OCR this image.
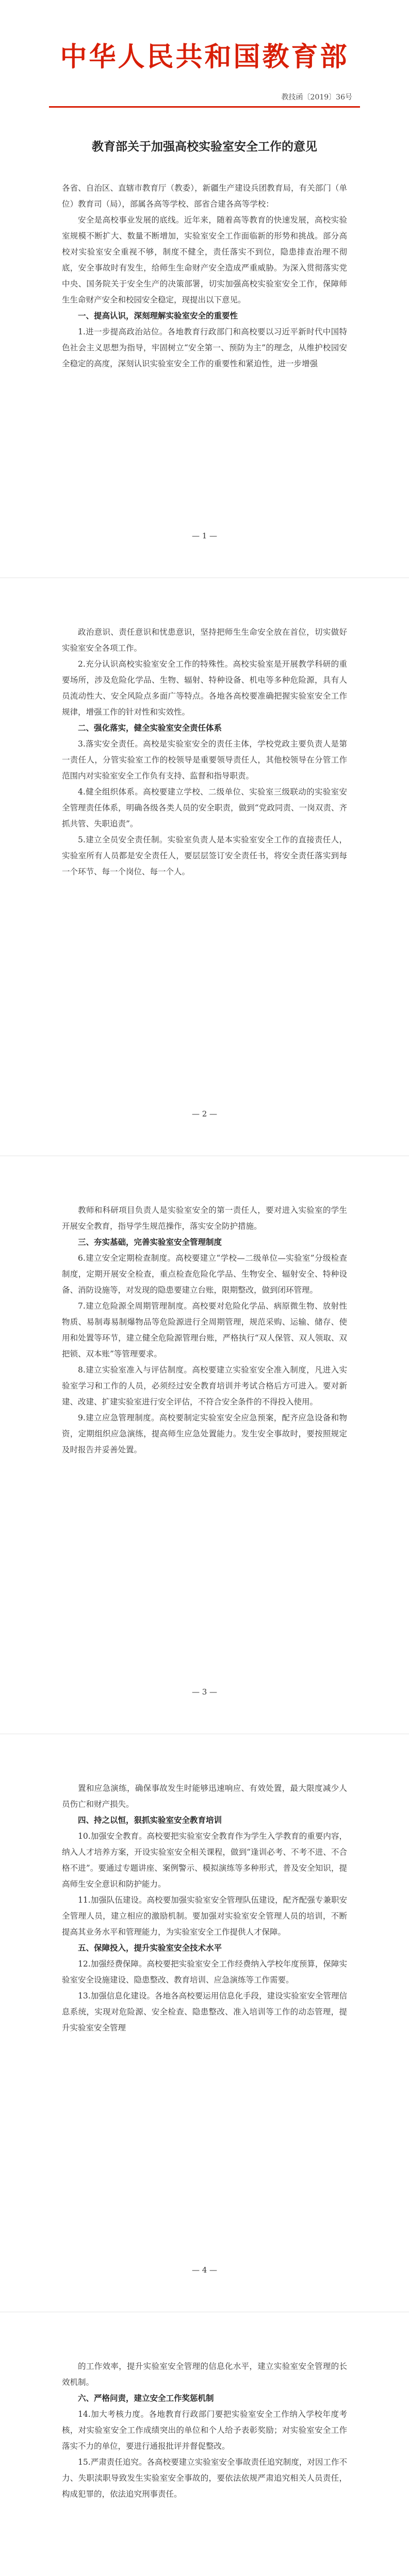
中华人民共和国教育部
教技函〔2019〕36号
教育部关于加强高校实验室安全工作的意见

各省、自治区、直辖市教育厅（教委），新疆生产建设兵团教育局，有关部门（单位）教育司（局），部属各高等学校、部省合建各高等学校：

安全是高校事业发展的底线。近年来，随着高等教育的快速发展，高校实验室规模不断扩大、数量不断增加，实验室安全工作面临新的形势和挑战。部分高校对实验室安全重视不够，制度不健全，责任落实不到位，隐患排查治理不彻底，安全事故时有发生，给师生生命财产安全造成严重威胁。为深入贯彻落实党中央、国务院关于安全生产的决策部署，切实加强高校实验室安全工作，保障师生生命财产安全和校园安全稳定，现提出以下意见。

一、提高认识，深刻理解实验室安全的重要性

1.进一步提高政治站位。各地教育行政部门和高校要以习近平新时代中国特色社会主义思想为指导，牢固树立“安全第一、预防为主”的理念，从维护校园安全稳定的高度，深刻认识实验室安全工作的重要性和紧迫性，进一步增强

— 1 —

政治意识、责任意识和忧患意识，坚持把师生生命安全放在首位，切实做好实验室安全各项工作。

2.充分认识高校实验室安全工作的特殊性。高校实验室是开展教学科研的重要场所，涉及危险化学品、生物、辐射、特种设备、机电等多种危险源，具有人员流动性大、安全风险点多面广等特点。各地各高校要准确把握实验室安全工作规律，增强工作的针对性和实效性。

二、强化落实，健全实验室安全责任体系

3.落实安全责任。高校是实验室安全的责任主体，学校党政主要负责人是第一责任人，分管实验室工作的校领导是重要领导责任人，其他校领导在分管工作范围内对实验室安全工作负有支持、监督和指导职责。

4.健全组织体系。高校要建立学校、二级单位、实验室三级联动的实验室安全管理责任体系，明确各级各类人员的安全职责，做到“党政同责、一岗双责、齐抓共管、失职追责”。

5.建立全员安全责任制。实验室负责人是本实验室安全工作的直接责任人，实验室所有人员都是安全责任人，要层层签订安全责任书，将安全责任落实到每一个环节、每一个岗位、每一个人。

— 2 —

教师和科研项目负责人是实验室安全的第一责任人，要对进入实验室的学生开展安全教育，指导学生规范操作，落实安全防护措施。

三、夯实基础，完善实验室安全管理制度

6.建立安全定期检查制度。高校要建立“学校—二级单位—实验室”分级检查制度，定期开展安全检查，重点检查危险化学品、生物安全、辐射安全、特种设备、消防设施等，对发现的隐患要建立台账，限期整改，做到闭环管理。

7.建立危险源全周期管理制度。高校要对危险化学品、病原微生物、放射性物质、易制毒易制爆物品等危险源进行全周期管理，规范采购、运输、储存、使用和处置等环节，建立健全危险源管理台账，严格执行“双人保管、双人领取、双把锁、双本账”等管理要求。

8.建立实验室准入与评估制度。高校要建立实验室安全准入制度，凡进入实验室学习和工作的人员，必须经过安全教育培训并考试合格后方可进入。要对新建、改建、扩建实验室进行安全评估，不符合安全条件的不得投入使用。

9.建立应急管理制度。高校要制定实验室安全应急预案，配齐应急设备和物资，定期组织应急演练，提高师生应急处置能力。发生安全事故时，要按照规定及时报告并妥善处置。

— 3 —

置和应急演练，确保事故发生时能够迅速响应、有效处置，最大限度减少人员伤亡和财产损失。

四、持之以恒，狠抓实验室安全教育培训

10.加强安全教育。高校要把实验室安全教育作为学生入学教育的重要内容，纳入人才培养方案，开设实验室安全相关课程，做到“逢训必考、不考不进、不合格不进”。要通过专题讲座、案例警示、模拟演练等多种形式，普及安全知识，提高师生安全意识和防护能力。

11.加强队伍建设。高校要加强实验室安全管理队伍建设，配齐配强专兼职安全管理人员，建立相应的激励机制。要加强对实验室安全管理人员的培训，不断提高其业务水平和管理能力，为实验室安全工作提供人才保障。

五、保障投入，提升实验室安全技术水平

12.加强经费保障。高校要把实验室安全工作经费纳入学校年度预算，保障实验室安全设施建设、隐患整改、教育培训、应急演练等工作需要。

13.加强信息化建设。各地各高校要运用信息化手段，建设实验室安全管理信息系统，实现对危险源、安全检查、隐患整改、准入培训等工作的动态管理，提升实验室安全管理

— 4 —

的工作效率，提升实验室安全管理的信息化水平，建立实验室安全管理的长效机制。

六、严格问责，建立安全工作奖惩机制

14.加大考核力度。各地教育行政部门要把实验室安全工作纳入学校年度考核，对实验室安全工作成绩突出的单位和个人给予表彰奖励；对实验室安全工作落实不力的单位，要进行通报批评并督促整改。

15.严肃责任追究。各高校要建立实验室安全事故责任追究制度，对因工作不力、失职渎职导致发生实验室安全事故的，要依法依规严肃追究相关人员责任，构成犯罪的，依法追究刑事责任。
